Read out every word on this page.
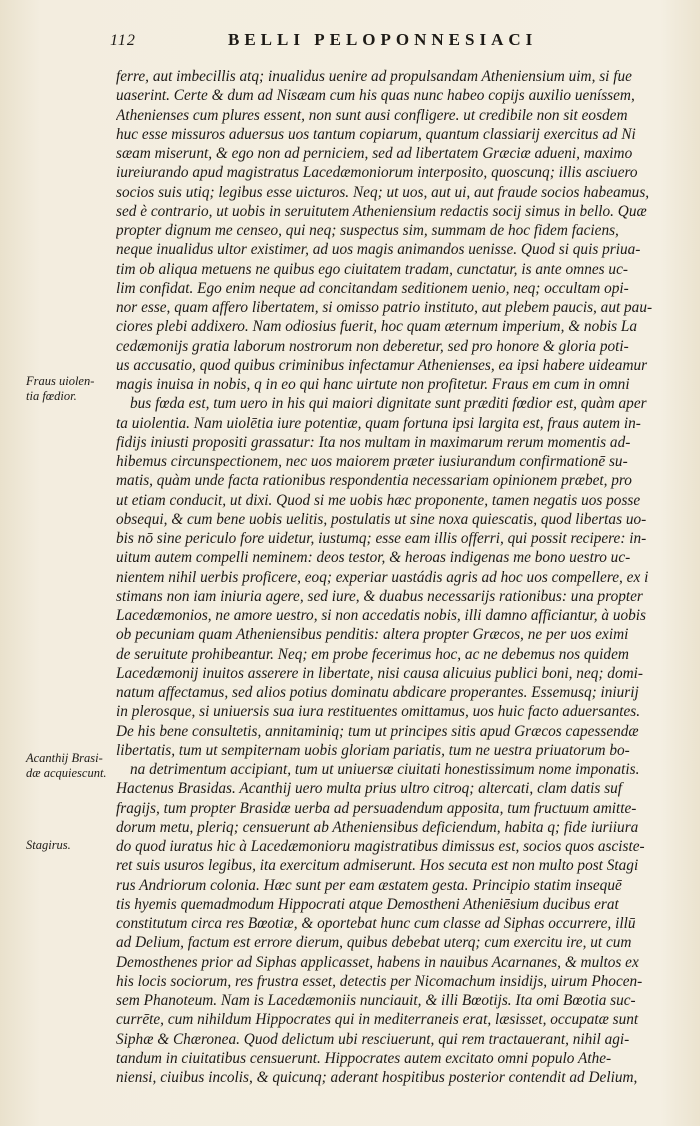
112	BELLI PELOPONNESIACI
Fraus uiolen-
tia fœdior.
Acanthij Brasi-
dæ acquiescunt.
Stagirus.
ferre, aut imbecillis atq; inualidus uenire ad propulsandam Atheniensium uim, si fue
uaserint. Certe & dum ad Nisæam cum his quas nunc habeo copijs auxilio ueníssem,
Athenienses cum plures essent, non sunt ausi confligere. ut credibile non sit eosdem
huc esse missuros aduersus uos tantum copiarum, quantum classiarij exercitus ad Ni
sæam miserunt, & ego non ad perniciem, sed ad libertatem Græciæ adueni, maximo
iureiurando apud magistratus Lacedæmoniorum interposito, quoscunq; illis asciuero
socios suis utiq; legibus esse uicturos. Neq; ut uos, aut ui, aut fraude socios habeamus,
sed è contrario, ut uobis in seruitutem Atheniensium redactis socij simus in bello. Quæ
propter dignum me censeo, qui neq; suspectus sim, summam de hoc fidem faciens,
neque inualidus ultor existimer, ad uos magis animandos uenisse. Quod si quis priua-
tim ob aliqua metuens ne quibus ego ciuitatem tradam, cunctatur, is ante omnes uc-
lim confidat. Ego enim neque ad concitandam seditionem uenio, neq; occultam opi-
nor esse, quam affero libertatem, si omisso patrio instituto, aut plebem paucis, aut pau-
ciores plebi addixero. Nam odiosius fuerit, hoc quam æternum imperium, & nobis La
cedæmonijs gratia laborum nostrorum non deberetur, sed pro honore & gloria poti-
us accusatio, quod quibus criminibus infectamur Athenienses, ea ipsi habere uideamur
magis inuisa in nobis, q in eo qui hanc uirtute non profitetur. Fraus em cum in omni
bus fœda est, tum uero in his qui maiori dignitate sunt præditi fœdior est, quàm aper
ta uiolentia. Nam uiolētia iure potentiæ, quam fortuna ipsi largita est, fraus autem in-
fidijs iniusti propositi grassatur: Ita nos multam in maximarum rerum momentis ad-
hibemus circunspectionem, nec uos maiorem præter iusiurandum confirmationē su-
matis, quàm unde facta rationibus respondentia necessariam opinionem præbet, pro
ut etiam conducit, ut dixi. Quod si me uobis hæc proponente, tamen negatis uos posse
obsequi, & cum bene uobis uelitis, postulatis ut sine noxa quiescatis, quod libertas uo-
bis nō sine periculo fore uidetur, iustumq; esse eam illis offerri, qui possit recipere: in-
uitum autem compelli neminem: deos testor, & heroas indigenas me bono uestro uc-
nientem nihil uerbis proficere, eoq; experiar uastádis agris ad hoc uos compellere, ex i
stimans non iam iniuria agere, sed iure, & duabus necessarijs rationibus: una propter
Lacedæmonios, ne amore uestro, si non accedatis nobis, illi damno afficiantur, à uobis
ob pecuniam quam Atheniensibus penditis: altera propter Græcos, ne per uos eximi
de seruitute prohibeantur. Neq; em probe fecerimus hoc, ac ne debemus nos quidem
Lacedæmonij inuitos asserere in libertate, nisi causa alicuius publici boni, neq; domi-
natum affectamus, sed alios potius dominatu abdicare properantes. Essemusq; iniurij
in plerosque, si uniuersis sua iura restituentes omittamus, uos huic facto aduersantes.
De his bene consultetis, annitaminiq; tum ut principes sitis apud Græcos capessendæ
libertatis, tum ut sempiternam uobis gloriam pariatis, tum ne uestra priuatorum bo-
na detrimentum accipiant, tum ut uniuersæ ciuitati honestissimum nome imponatis.
Hactenus Brasidas. Acanthij uero multa prius ultro citroq; altercati, clam datis suf
fragijs, tum propter Brasidæ uerba ad persuadendum apposita, tum fructuum amitte-
dorum metu, pleriq; censuerunt ab Atheniensibus deficiendum, habita q; fide iuriiura
do quod iuratus hic à Lacedæmonioru magistratibus dimissus est, socios quos asciste-
ret suis usuros legibus, ita exercitum admiserunt. Hos secuta est non multo post Stagi
rus Andriorum colonia. Hæc sunt per eam æstatem gesta. Principio statim insequē
tis hyemis quemadmodum Hippocrati atque Demostheni Atheniēsium ducibus erat
constitutum circa res Bœotiæ, & oportebat hunc cum classe ad Siphas occurrere, illū
ad Delium, factum est errore dierum, quibus debebat uterq; cum exercitu ire, ut cum
Demosthenes prior ad Siphas applicasset, habens in nauibus Acarnanes, & multos ex
his locis sociorum, res frustra esset, detectis per Nicomachum insidijs, uirum Phocen-
sem Phanoteum. Nam is Lacedæmoniis nunciauit, & illi Bœotijs. Ita omi Bœotia suc-
currēte, cum nihildum Hippocrates qui in mediterraneis erat, læsisset, occupatæ sunt
Siphæ & Chæronea. Quod delictum ubi resciuerunt, qui rem tractauerant, nihil agi-
tandum in ciuitatibus censuerunt. Hippocrates autem excitato omni populo Athe-
niensi, ciuibus incolis, & quicunq; aderant hospitibus posterior contendit ad Delium,
